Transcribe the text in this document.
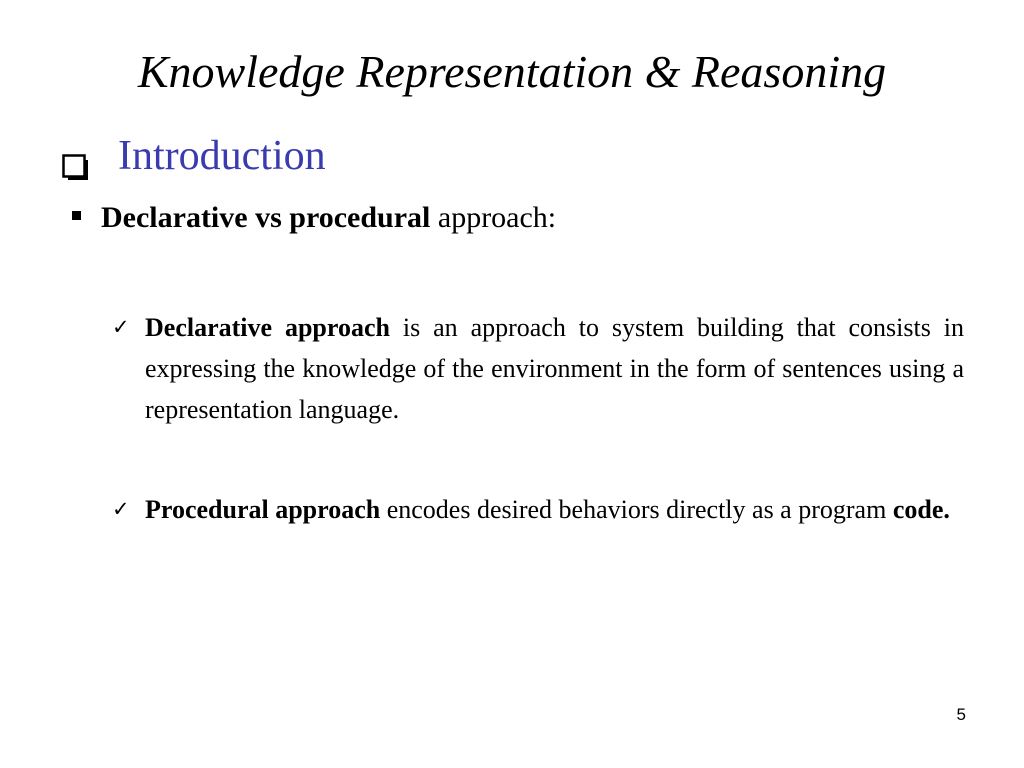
Knowledge Representation & Reasoning
Introduction
Declarative vs procedural approach:
✓ Declarative approach is an approach to system building that consists in expressing the knowledge of the environment in the form of sentences using a representation language.
✓ Procedural approach encodes desired behaviors directly as a program code.
5
